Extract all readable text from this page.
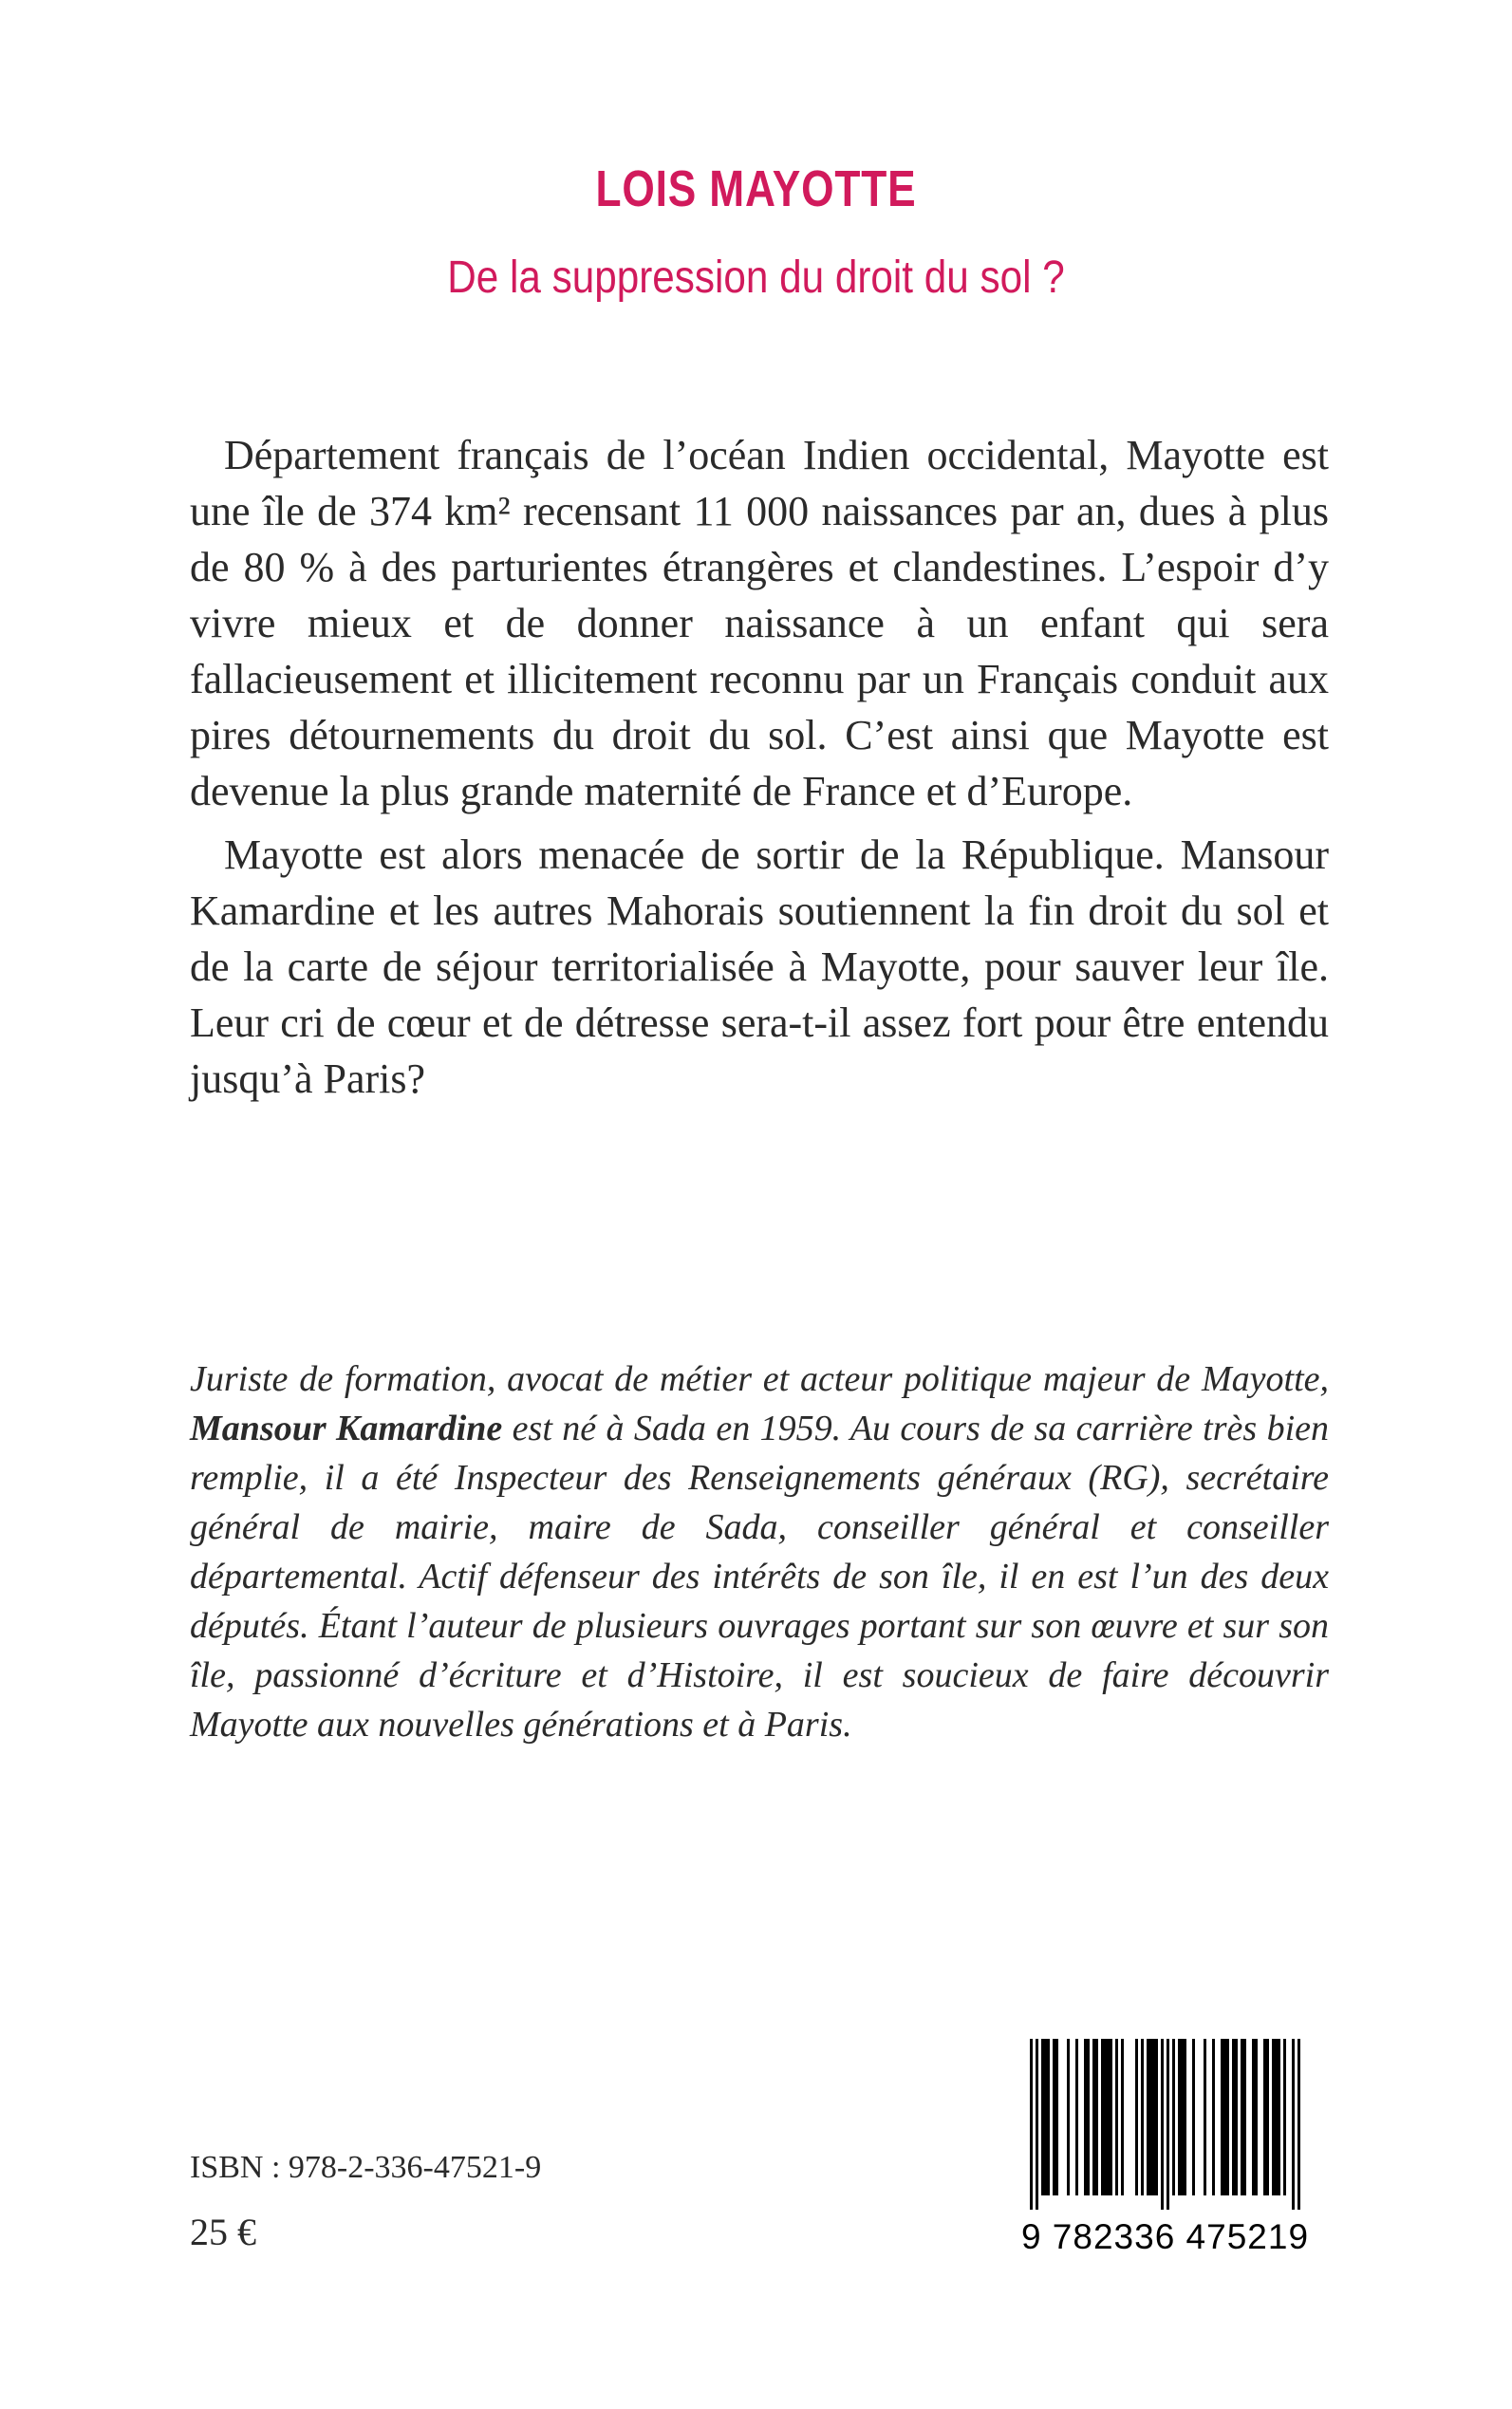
LOIS MAYOTTE
De la suppression du droit du sol ?

Département français de l’océan Indien occidental, Mayotte est une île de 374 km² recensant 11 000 naissances par an, dues à plus de 80 % à des parturientes étrangères et clandestines. L’espoir d’y vivre mieux et de donner naissance à un enfant qui sera fallacieusement et illicitement reconnu par un Français conduit aux pires détournements du droit du sol. C’est ainsi que Mayotte est devenue la plus grande maternité de France et d’Europe.

Mayotte est alors menacée de sortir de la République. Mansour Kamardine et les autres Mahorais soutiennent la fin droit du sol et de la carte de séjour territorialisée à Mayotte, pour sauver leur île. Leur cri de cœur et de détresse sera-t-il assez fort pour être entendu jusqu’à Paris?

Juriste de formation, avocat de métier et acteur politique majeur de Mayotte, Mansour Kamardine est né à Sada en 1959. Au cours de sa carrière très bien remplie, il a été Inspecteur des Renseignements généraux (RG), secrétaire général de mairie, maire de Sada, conseiller général et conseiller départemental. Actif défenseur des intérêts de son île, il en est l’un des deux députés. Étant l’auteur de plusieurs ouvrages portant sur son œuvre et sur son île, passionné d’écriture et d’Histoire, il est soucieux de faire découvrir Mayotte aux nouvelles générations et à Paris.
ISBN : 978-2-336-47521-9
25 €	9 782336 475219
